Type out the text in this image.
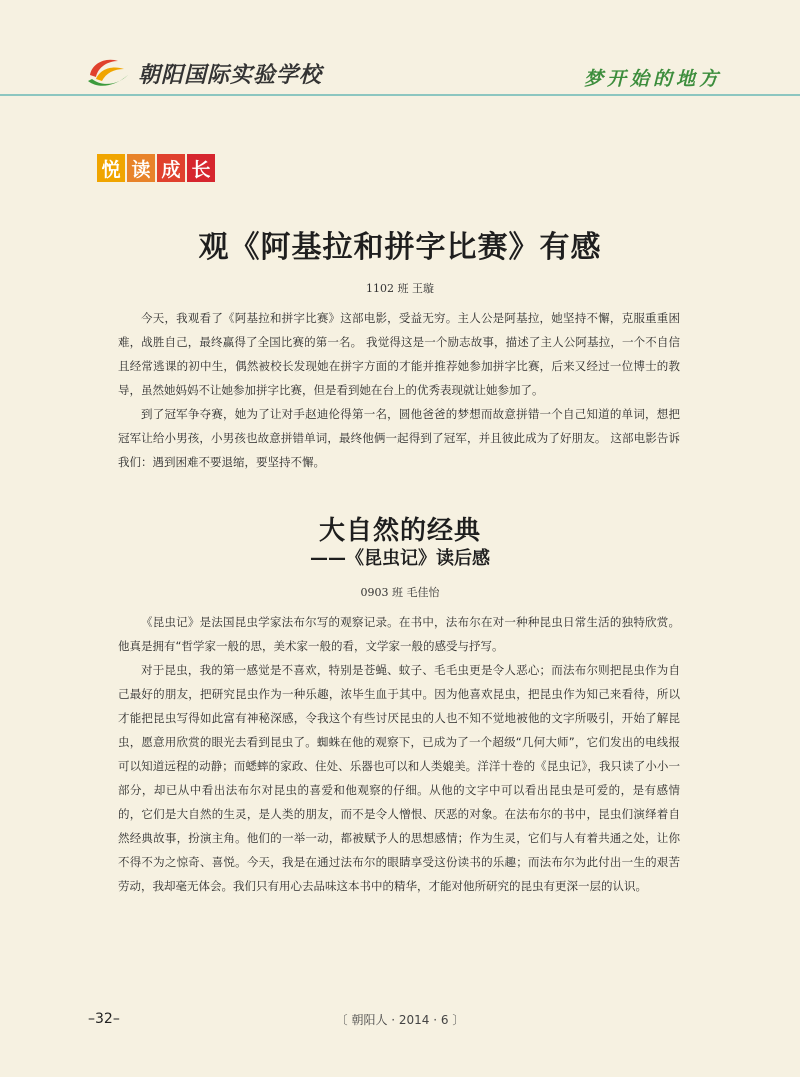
朝阳国际实验学校	梦开始的地方
悦 读 成 长
观《阿基拉和拼字比赛》有感
1102 班 王璇

今天，我观看了《阿基拉和拼字比赛》这部电影，受益无穷。主人公是阿基拉，她坚持不懈，克服重重困难，战胜自己，最终赢得了全国比赛的第一名。 我觉得这是一个励志故事，描述了主人公阿基拉，一个不自信且经常逃课的初中生，偶然被校长发现她在拼字方面的才能并推荐她参加拼字比赛，后来又经过一位博士的教导，虽然她妈妈不让她参加拼字比赛，但是看到她在台上的优秀表现就让她参加了。

到了冠军争夺赛，她为了让对手赵迪伦得第一名，圆他爸爸的梦想而故意拼错一个自己知道的单词，想把冠军让给小男孩，小男孩也故意拼错单词，最终他俩一起得到了冠军，并且彼此成为了好朋友。 这部电影告诉我们：遇到困难不要退缩，要坚持不懈。

大自然的经典
——《昆虫记》读后感
0903 班 毛佳怡

《昆虫记》是法国昆虫学家法布尔写的观察记录。在书中，法布尔在对一种种昆虫日常生活的独特欣赏。他真是拥有“哲学家一般的思，美术家一般的看，文学家一般的感受与抒写。

对于昆虫，我的第一感觉是不喜欢，特别是苍蝇、蚊子、毛毛虫更是令人恶心；而法布尔则把昆虫作为自己最好的朋友，把研究昆虫作为一种乐趣，浓毕生血于其中。因为他喜欢昆虫，把昆虫作为知己来看待，所以才能把昆虫写得如此富有神秘深感，令我这个有些讨厌昆虫的人也不知不觉地被他的文字所吸引，开始了解昆虫，愿意用欣赏的眼光去看到昆虫了。蜘蛛在他的观察下，已成为了一个超级“几何大师”，它们发出的电线报可以知道远程的动静；而蟋蟀的家政、住处、乐器也可以和人类媲美。洋洋十卷的《昆虫记》，我只读了小小一部分，却已从中看出法布尔对昆虫的喜爱和他观察的仔细。从他的文字中可以看出昆虫是可爱的，是有感情的，它们是大自然的生灵，是人类的朋友，而不是令人憎恨、厌恶的对象。在法布尔的书中，昆虫们演绎着自然经典故事，扮演主角。他们的一举一动，都被赋予人的思想感情；作为生灵，它们与人有着共通之处，让你不得不为之惊奇、喜悦。今天，我是在通过法布尔的眼睛享受这份读书的乐趣；而法布尔为此付出一生的艰苦劳动，我却毫无体会。我们只有用心去品味这本书中的精华，才能对他所研究的昆虫有更深一层的认识。

–32–	〔 朝阳人 · 2014 · 6 〕
